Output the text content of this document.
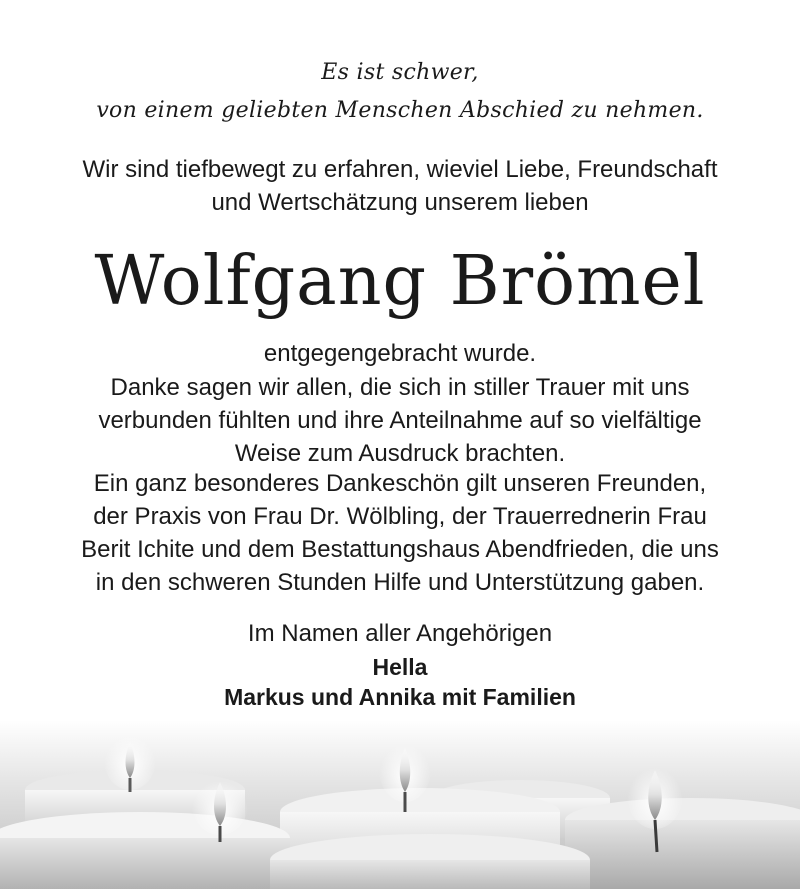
Es ist schwer,
von einem geliebten Menschen Abschied zu nehmen.
Wir sind tiefbewegt zu erfahren, wieviel Liebe, Freundschaft
und Wertschätzung unserem lieben
Wolfgang Brömel
entgegengebracht wurde.
Danke sagen wir allen, die sich in stiller Trauer mit uns
verbunden fühlten und ihre Anteilnahme auf so vielfältige
Weise zum Ausdruck brachten.
Ein ganz besonderes Dankeschön gilt unseren Freunden,
der Praxis von Frau Dr. Wölbling, der Trauerrednerin Frau
Berit Ichite und dem Bestattungshaus Abendfrieden, die uns
in den schweren Stunden Hilfe und Unterstützung gaben.
Im Namen aller Angehörigen
Hella
Markus und Annika mit Familien
